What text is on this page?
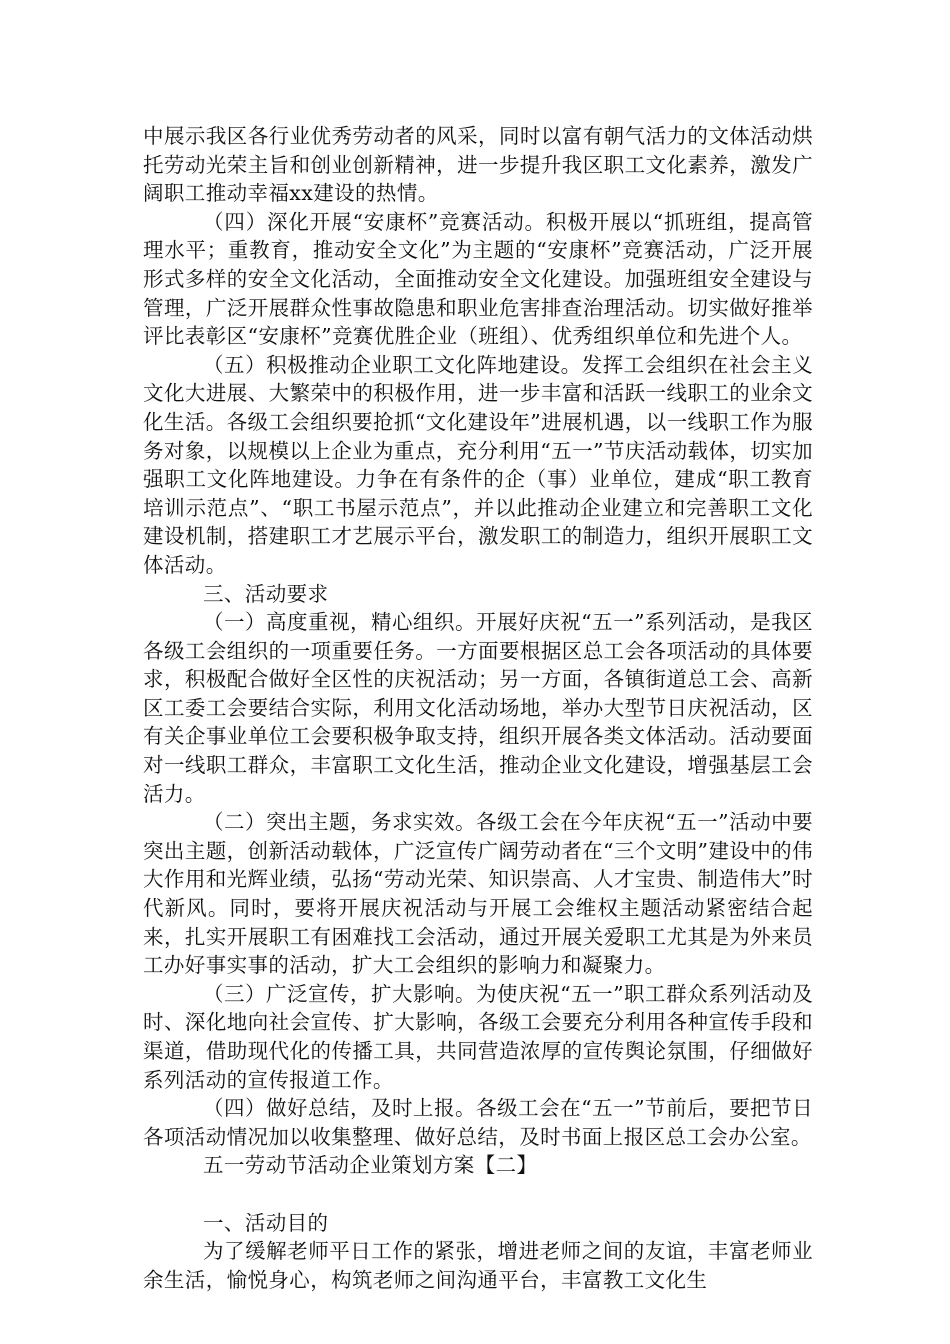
中展示我区各行业优秀劳动者的风采，同时以富有朝气活力的文体活动烘托劳动光荣主旨和创业创新精神，进一步提升我区职工文化素养，激发广阔职工推动幸福xx建设的热情。

（四）深化开展“安康杯”竞赛活动。积极开展以“抓班组，提高管理水平；重教育，推动安全文化”为主题的“安康杯”竞赛活动，广泛开展形式多样的安全文化活动，全面推动安全文化建设。加强班组安全建设与管理，广泛开展群众性事故隐患和职业危害排查治理活动。切实做好推举评比表彰区“安康杯”竞赛优胜企业（班组）、优秀组织单位和先进个人。

（五）积极推动企业职工文化阵地建设。发挥工会组织在社会主义文化大进展、大繁荣中的积极作用，进一步丰富和活跃一线职工的业余文化生活。各级工会组织要抢抓“文化建设年”进展机遇，以一线职工作为服务对象，以规模以上企业为重点，充分利用“五一”节庆活动载体，切实加强职工文化阵地建设。力争在有条件的企（事）业单位，建成“职工教育培训示范点”、“职工书屋示范点”，并以此推动企业建立和完善职工文化建设机制，搭建职工才艺展示平台，激发职工的制造力，组织开展职工文体活动。

三、活动要求

（一）高度重视，精心组织。开展好庆祝“五一”系列活动，是我区各级工会组织的一项重要任务。一方面要根据区总工会各项活动的具体要求，积极配合做好全区性的庆祝活动；另一方面，各镇街道总工会、高新区工委工会要结合实际，利用文化活动场地，举办大型节日庆祝活动，区有关企事业单位工会要积极争取支持，组织开展各类文体活动。活动要面对一线职工群众，丰富职工文化生活，推动企业文化建设，增强基层工会活力。

（二）突出主题，务求实效。各级工会在今年庆祝“五一”活动中要突出主题，创新活动载体，广泛宣传广阔劳动者在“三个文明”建设中的伟大作用和光辉业绩，弘扬“劳动光荣、知识崇高、人才宝贵、制造伟大”时代新风。同时，要将开展庆祝活动与开展工会维权主题活动紧密结合起来，扎实开展职工有困难找工会活动，通过开展关爱职工尤其是为外来员工办好事实事的活动，扩大工会组织的影响力和凝聚力。

（三）广泛宣传，扩大影响。为使庆祝“五一”职工群众系列活动及时、深化地向社会宣传、扩大影响，各级工会要充分利用各种宣传手段和渠道，借助现代化的传播工具，共同营造浓厚的宣传舆论氛围，仔细做好系列活动的宣传报道工作。

（四）做好总结，及时上报。各级工会在“五一”节前后，要把节日各项活动情况加以收集整理、做好总结，及时书面上报区总工会办公室。

五一劳动节活动企业策划方案【二】

一、活动目的

为了缓解老师平日工作的紧张，增进老师之间的友谊，丰富老师业余生活，愉悦身心，构筑老师之间沟通平台，丰富教工文化生
